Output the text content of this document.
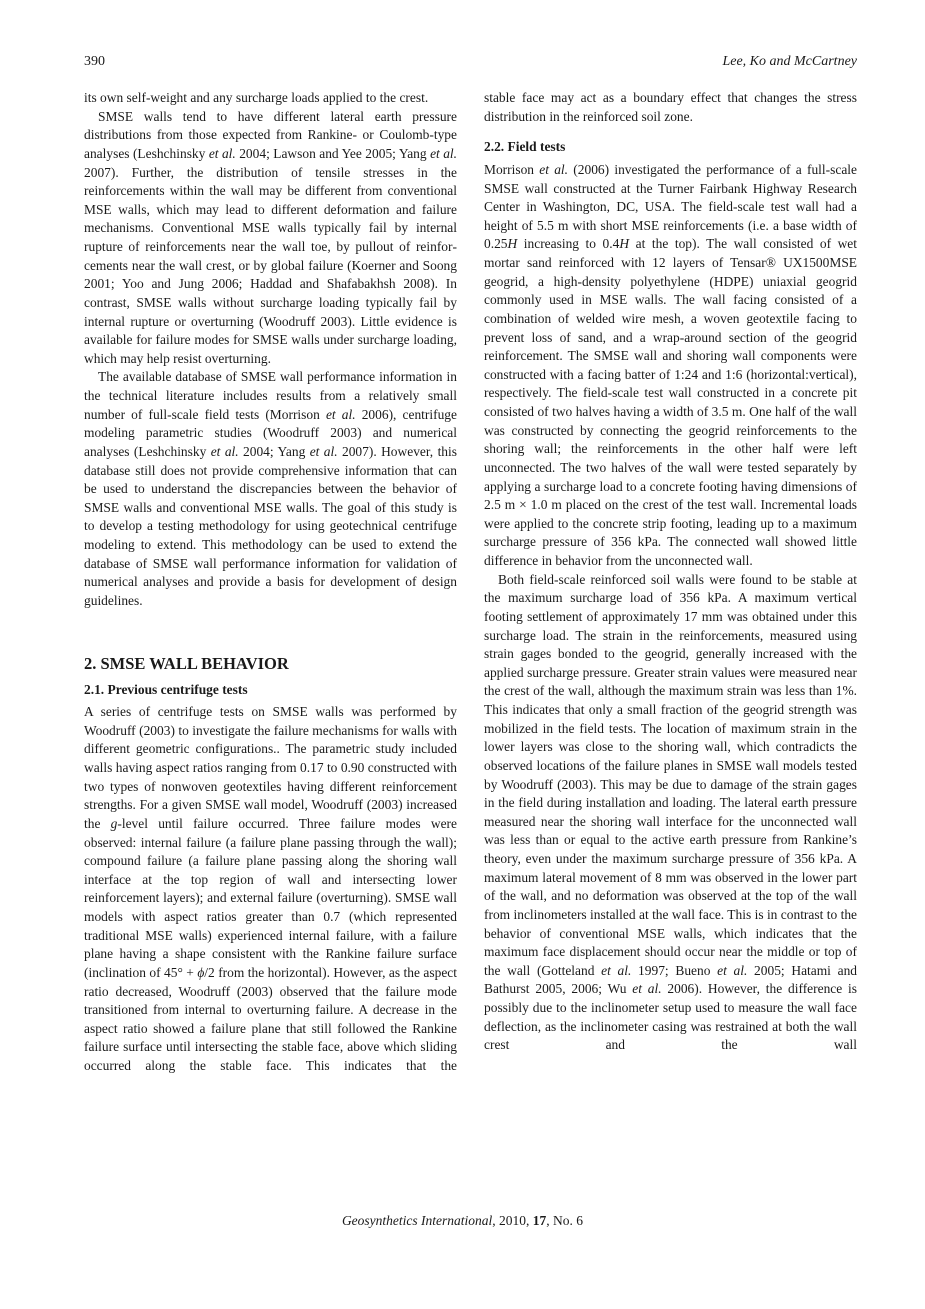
390	Lee, Ko and McCartney

its own self-weight and any surcharge loads applied to the crest.

SMSE walls tend to have different lateral earth pressure distributions from those expected from Rankine- or Coulomb-type analyses (Leshchinsky et al. 2004; Lawson and Yee 2005; Yang et al. 2007). Further, the distribution of tensile stresses in the reinforcements within the wall may be different from conventional MSE walls, which may lead to different deformation and failure mechanisms. Conventional MSE walls typically fail by internal rupture of reinforcements near the wall toe, by pullout of reinforcements near the wall crest, or by global failure (Koerner and Soong 2001; Yoo and Jung 2006; Haddad and Shafabakhsh 2008). In contrast, SMSE walls without surcharge loading typically fail by internal rupture or overturning (Woodruff 2003). Little evidence is available for failure modes for SMSE walls under surcharge loading, which may help resist overturning.

The available database of SMSE wall performance information in the technical literature includes results from a relatively small number of full-scale field tests (Morrison et al. 2006), centrifuge modeling parametric studies (Woodruff 2003) and numerical analyses (Leshchinsky et al. 2004; Yang et al. 2007). However, this database still does not provide comprehensive information that can be used to understand the discrepancies between the behavior of SMSE walls and conventional MSE walls. The goal of this study is to develop a testing methodology for using geotechnical centrifuge modeling to extend. This methodology can be used to extend the database of SMSE wall performance information for validation of numerical analyses and provide a basis for development of design guidelines.

2. SMSE WALL BEHAVIOR
2.1. Previous centrifuge tests

A series of centrifuge tests on SMSE walls was performed by Woodruff (2003) to investigate the failure mechanisms for walls with different geometric configurations.. The parametric study included walls having aspect ratios ranging from 0.17 to 0.90 constructed with two types of nonwoven geotextiles having different reinforcement strengths. For a given SMSE wall model, Woodruff (2003) increased the g-level until failure occurred. Three failure modes were observed: internal failure (a failure plane passing through the wall); compound failure (a failure plane passing along the shoring wall interface at the top region of wall and intersecting lower reinforcement layers); and external failure (overturning). SMSE wall models with aspect ratios greater than 0.7 (which represented traditional MSE walls) experienced internal failure, with a failure plane having a shape consistent with the Rankine failure surface (inclination of 45° + ϕ/2 from the horizontal). However, as the aspect ratio decreased, Woodruff (2003) observed that the failure mode transitioned from internal to overturning failure. A decrease in the aspect ratio showed a failure plane that still followed the Rankine failure surface until intersecting the stable face, above which sliding occurred along the stable face. This indicates that the

stable face may act as a boundary effect that changes the stress distribution in the reinforced soil zone.

2.2. Field tests

Morrison et al. (2006) investigated the performance of a full-scale SMSE wall constructed at the Turner Fairbank Highway Research Center in Washington, DC, USA. The field-scale test wall had a height of 5.5 m with short MSE reinforcements (i.e. a base width of 0.25H increasing to 0.4H at the top). The wall consisted of wet mortar sand reinforced with 12 layers of Tensar® UX1500MSE geogrid, a high-density polyethylene (HDPE) uniaxial geogrid commonly used in MSE walls. The wall facing consisted of a combination of welded wire mesh, a woven geotextile facing to prevent loss of sand, and a wrap-around section of the geogrid reinforcement. The SMSE wall and shoring wall components were constructed with a facing batter of 1:24 and 1:6 (horizontal:vertical), respectively. The field-scale test wall constructed in a concrete pit consisted of two halves having a width of 3.5 m. One half of the wall was constructed by connecting the geogrid reinforcements to the shoring wall; the reinforcements in the other half were left unconnected. The two halves of the wall were tested separately by applying a surcharge load to a concrete footing having dimensions of 2.5 m × 1.0 m placed on the crest of the test wall. Incremental loads were applied to the concrete strip footing, leading up to a maximum surcharge pressure of 356 kPa. The connected wall showed little difference in behavior from the unconnected wall.

Both field-scale reinforced soil walls were found to be stable at the maximum surcharge load of 356 kPa. A maximum vertical footing settlement of approximately 17 mm was obtained under this surcharge load. The strain in the reinforcements, measured using strain gages bonded to the geogrid, generally increased with the applied surcharge pressure. Greater strain values were measured near the crest of the wall, although the maximum strain was less than 1%. This indicates that only a small fraction of the geogrid strength was mobilized in the field tests. The location of maximum strain in the lower layers was close to the shoring wall, which contradicts the observed locations of the failure planes in SMSE wall models tested by Woodruff (2003). This may be due to damage of the strain gages in the field during installation and loading. The lateral earth pressure measured near the shoring wall interface for the unconnected wall was less than or equal to the active earth pressure from Rankine’s theory, even under the maximum surcharge pressure of 356 kPa. A maximum lateral movement of 8 mm was observed in the lower part of the wall, and no deformation was observed at the top of the wall from inclinometers installed at the wall face. This is in contrast to the behavior of conventional MSE walls, which indicates that the maximum face displacement should occur near the middle or top of the wall (Gotteland et al. 1997; Bueno et al. 2005; Hatami and Bathurst 2005, 2006; Wu et al. 2006). However, the difference is possibly due to the inclinometer setup used to measure the wall face deflection, as the inclinometer casing was restrained at both the wall crest and the wall

Geosynthetics International, 2010, 17, No. 6
